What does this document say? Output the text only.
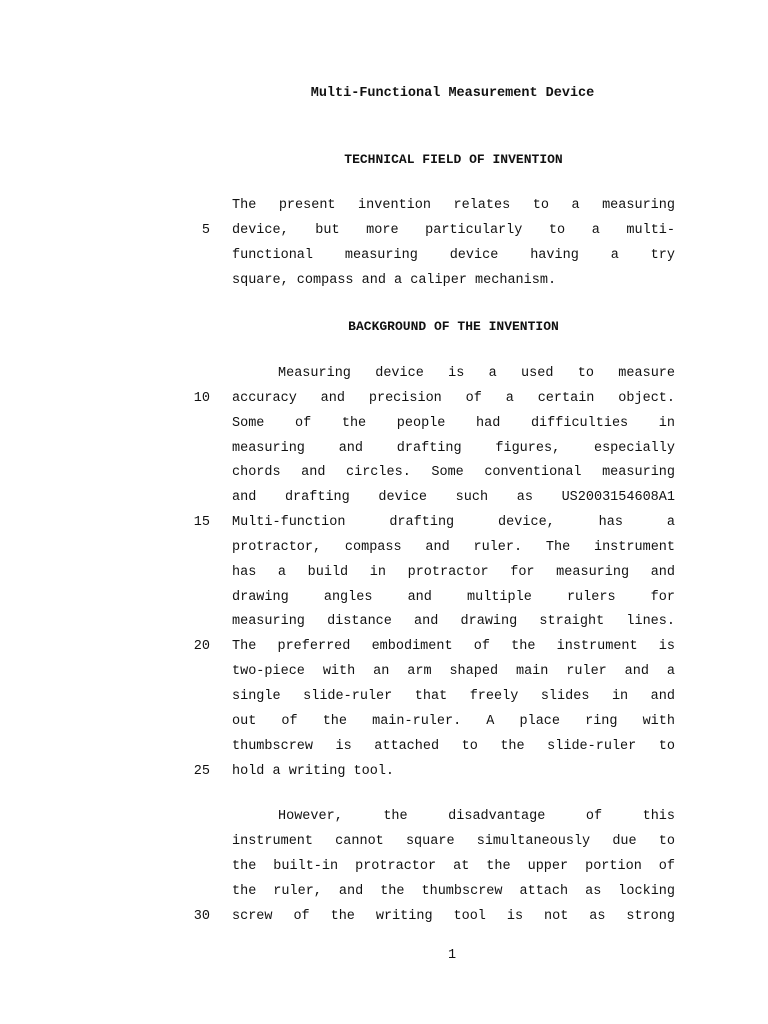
Multi-Functional Measurement Device
TECHNICAL FIELD OF INVENTION
The present invention relates to a measuring
device, but more particularly to a multi-
functional measuring device having a try
square, compass and a caliper mechanism.
BACKGROUND OF THE INVENTION
Measuring device is a used to measure
accuracy and precision of a certain object.
Some of the people had difficulties in
measuring and drafting figures, especially
chords and circles. Some conventional measuring
and drafting device such as US2003154608A1
Multi-function drafting device, has a
protractor, compass and ruler. The instrument
has a build in protractor for measuring and
drawing angles and multiple rulers for
measuring distance and drawing straight lines.
The preferred embodiment of the instrument is
two-piece with an arm shaped main ruler and a
single slide-ruler that freely slides in and
out of the main-ruler. A place ring with
thumbscrew is attached to the slide-ruler to
hold a writing tool.
However, the disadvantage of this
instrument cannot square simultaneously due to
the built-in protractor at the upper portion of
the ruler, and the thumbscrew attach as locking
screw of the writing tool is not as strong
5
10
15
20
25
30
1
